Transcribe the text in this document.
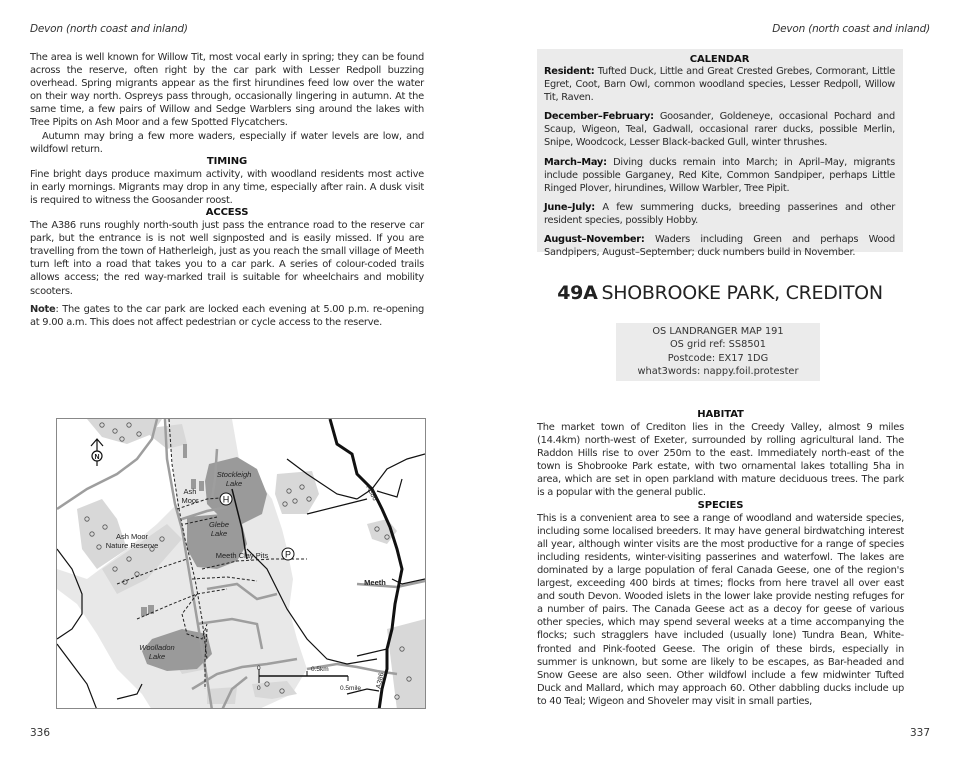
Devon (north coast and inland)

The area is well known for Willow Tit, most vocal early in spring; they can be found across the reserve, often right by the car park with Lesser Redpoll buzzing overhead. Spring migrants appear as the first hirundines feed low over the water on their way north. Ospreys pass through, occasionally lingering in autumn. At the same time, a few pairs of Willow and Sedge Warblers sing around the lakes with Tree Pipits on Ash Moor and a few Spotted Flycatchers.

Autumn may bring a few more waders, especially if water levels are low, and wildfowl return.

TIMING

Fine bright days produce maximum activity, with woodland residents most active in early mornings. Migrants may drop in any time, especially after rain. A dusk visit is required to witness the Goosander roost.

ACCESS

The A386 runs roughly north-south just pass the entrance road to the reserve car park, but the entrance is is not well signposted and is easily missed. If you are travelling from the town of Hatherleigh, just as you reach the small village of Meeth turn left into a road that takes you to a car park. A series of colour-coded trails allows access; the red way-marked trail is suitable for wheelchairs and mobility scooters.

Note: The gates to the car park are locked each evening at 5.00 p.m. re-opening at 9.00 a.m. This does not affect pedestrian or cycle access to the reserve.

N
H
P
Stockleigh
Lake
Ash
Moor
Glebe
Lake
Ash Moor
Nature Reserve
Meeth Clay Pits
Meeth
Woolladon
Lake
A386
A386
0	0.5km
0	0.5mile
336
Devon (north coast and inland)
CALENDAR

Resident: Tufted Duck, Little and Great Crested Grebes, Cormorant, Little Egret, Coot, Barn Owl, common woodland species, Lesser Redpoll, Willow Tit, Raven.

December–February: Goosander, Goldeneye, occasional Pochard and Scaup, Wigeon, Teal, Gadwall, occasional rarer ducks, possible Merlin, Snipe, Woodcock, Lesser Black-backed Gull, winter thrushes.

March–May: Diving ducks remain into March; in April–May, migrants include possible Garganey, Red Kite, Common Sandpiper, perhaps Little Ringed Plover, hirundines, Willow Warbler, Tree Pipit.

June–July: A few summering ducks, breeding passerines and other resident species, possibly Hobby.

August–November: Waders including Green and perhaps Wood Sandpipers, August–September; duck numbers build in November.

49A SHOBROOKE PARK, CREDITON
OS LANDRANGER MAP 191
OS grid ref: SS8501
Postcode: EX17 1DG
what3words: nappy.foil.protester
HABITAT

The market town of Crediton lies in the Creedy Valley, almost 9 miles (14.4km) north-west of Exeter, surrounded by rolling agricultural land. The Raddon Hills rise to over 250m to the east. Immediately north-east of the town is Shobrooke Park estate, with two ornamental lakes totalling 5ha in area, which are set in open parkland with mature deciduous trees. The park is a popular with the general public.

SPECIES

This is a convenient area to see a range of woodland and waterside species, including some localised breeders. It may have general birdwatching interest all year, although winter visits are the most productive for a range of species including residents, winter-visiting passerines and waterfowl. The lakes are dominated by a large population of feral Canada Geese, one of the region's largest, exceeding 400 birds at times; flocks from here travel all over east and south Devon. Wooded islets in the lower lake provide nesting refuges for a number of pairs. The Canada Geese act as a decoy for geese of various other species, which may spend several weeks at a time accompanying the flocks; such stragglers have included (usually lone) Tundra Bean, White-fronted and Pink-footed Geese. The origin of these birds, especially in summer is unknown, but some are likely to be escapes, as Bar-headed and Snow Geese are also seen. Other wildfowl include a few midwinter Tufted Duck and Mallard, which may approach 60. Other dabbling ducks include up to 40 Teal; Wigeon and Shoveler may visit in small parties,

337
